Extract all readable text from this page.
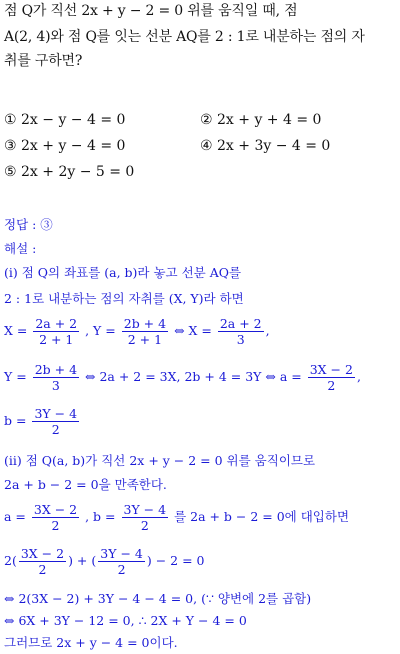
점 Q가 직선 2x + y − 2 = 0 위를 움직일 때, 점
A(2, 4)와 점 Q를 잇는 선분 AQ를 2 : 1로 내분하는 점의 자
취를 구하면?
① 2x − y − 4 = 0	② 2x + y + 4 = 0
③ 2x + y − 4 = 0	④ 2x + 3y − 4 = 0
⑤ 2x + 2y − 5 = 0
정답 : ③
해설 :
(i) 점 Q의 좌표를 (a, b)라 놓고 선분 AQ를
2 : 1로 내분하는 점의 자취를 (X, Y)라 하면
$X = \frac{2a + 2}{2 + 1}$ , $Y = \frac{2b + 4}{2 + 1}$ ⇔ $X = \frac{2a + 2}{3}$ ,
$Y = \frac{2b + 4}{3}$ ⇔ 2a + 2 = 3X, 2b + 4 = 3Y ⇔ $a = \frac{3X - 2}{2}$ ,
$b = \frac{3Y - 4}{2}$
(ii) 점 Q(a, b)가 직선 2x + y − 2 = 0 위를 움직이므로
2a + b − 2 = 0을 만족한다.
$a = \frac{3X - 2}{2}$ , $b = \frac{3Y - 4}{2}$ 를 2a + b − 2 = 0에 대입하면
$2( \frac{3X - 2}{2}$ ) + ( $\frac{3Y - 4}{2}$ ) − 2 = 0
⇔ 2(3X − 2) + 3Y − 4 − 4 = 0, (∵ 양변에 2를 곱함)
⇔ 6X + 3Y − 12 = 0, ∴ 2X + Y − 4 = 0
그러므로 2x + y − 4 = 0이다.
